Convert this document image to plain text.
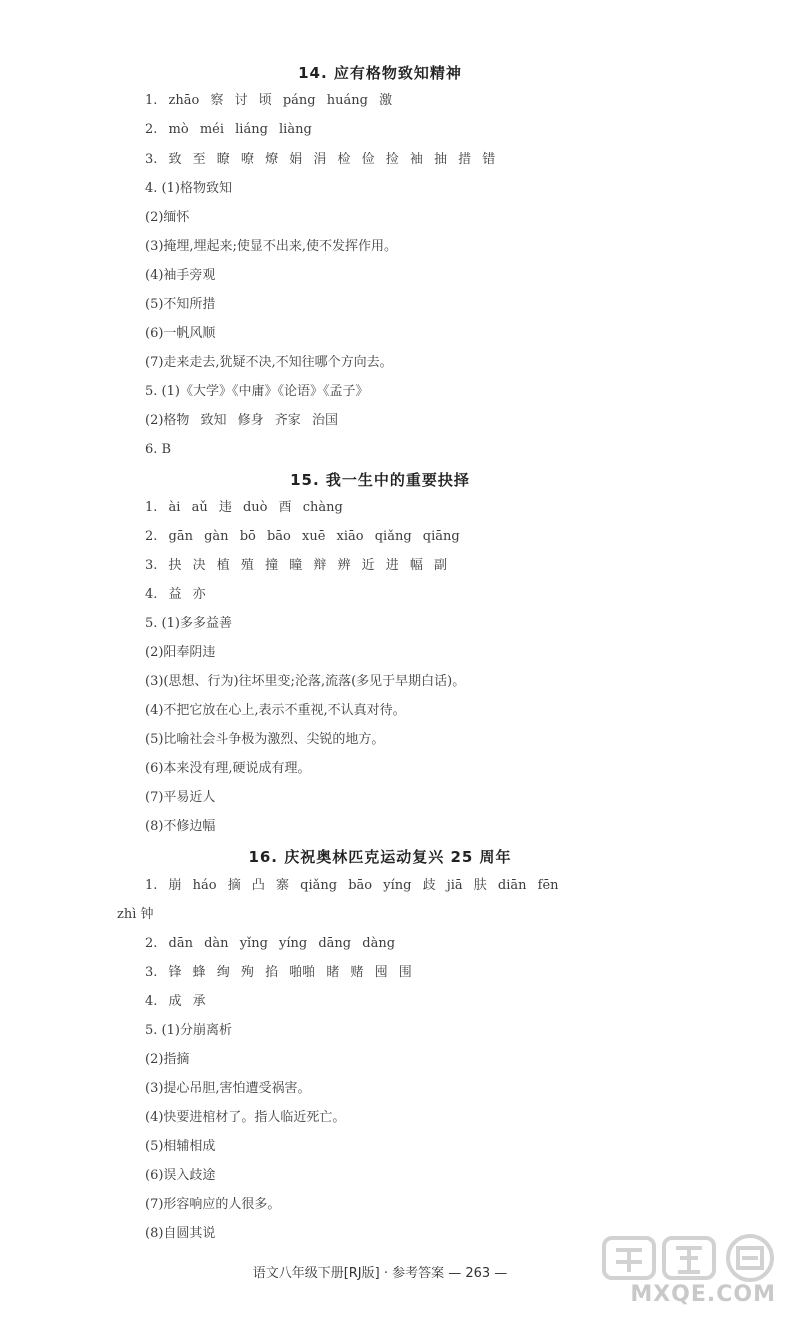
14. 应有格物致知精神
1. zhāo 察 讨 顷 páng huáng 激
2. mò méi liáng liàng
3. 致 至 瞭 嘹 燎 娟 涓 检 俭 捡 袖 抽 措 错
4. (1)格物致知
(2)缅怀
(3)掩埋,埋起来;使显不出来,使不发挥作用。
(4)袖手旁观
(5)不知所措
(6)一帆风顺
(7)走来走去,犹疑不决,不知往哪个方向去。
5. (1)《大学》《中庸》《论语》《孟子》
(2)格物 致知 修身 齐家 治国
6. B
15. 我一生中的重要抉择
1. ài aǔ 违 duò 酉 chàng
2. gān gàn bō bāo xuē xiāo qiǎng qiāng
3. 抉 决 植 殖 撞 瞳 辩 辨 近 进 幅 副
4. 益 亦
5. (1)多多益善
(2)阳奉阴违
(3)(思想、行为)往坏里变;沦落,流落(多见于早期白话)。
(4)不把它放在心上,表示不重视,不认真对待。
(5)比喻社会斗争极为激烈、尖锐的地方。
(6)本来没有理,硬说成有理。
(7)平易近人
(8)不修边幅
16. 庆祝奥林匹克运动复兴 25 周年
1. 崩 háo 摘 凸 寨 qiǎng bāo yíng 歧 jiā 肤 diān fēn
zhì 钟
2. dān dàn yǐng yíng dāng dàng
3. 锋 蜂 绚 殉 掐 啪啪 睹 赌 囤 围
4. 成 承
5. (1)分崩离析
(2)指摘
(3)提心吊胆,害怕遭受祸害。
(4)快要进棺材了。指人临近死亡。
(5)相辅相成
(6)误入歧途
(7)形容响应的人很多。
(8)自圆其说
语文八年级下册[RJ版] · 参考答案 — 263 —
MXQE.COM
